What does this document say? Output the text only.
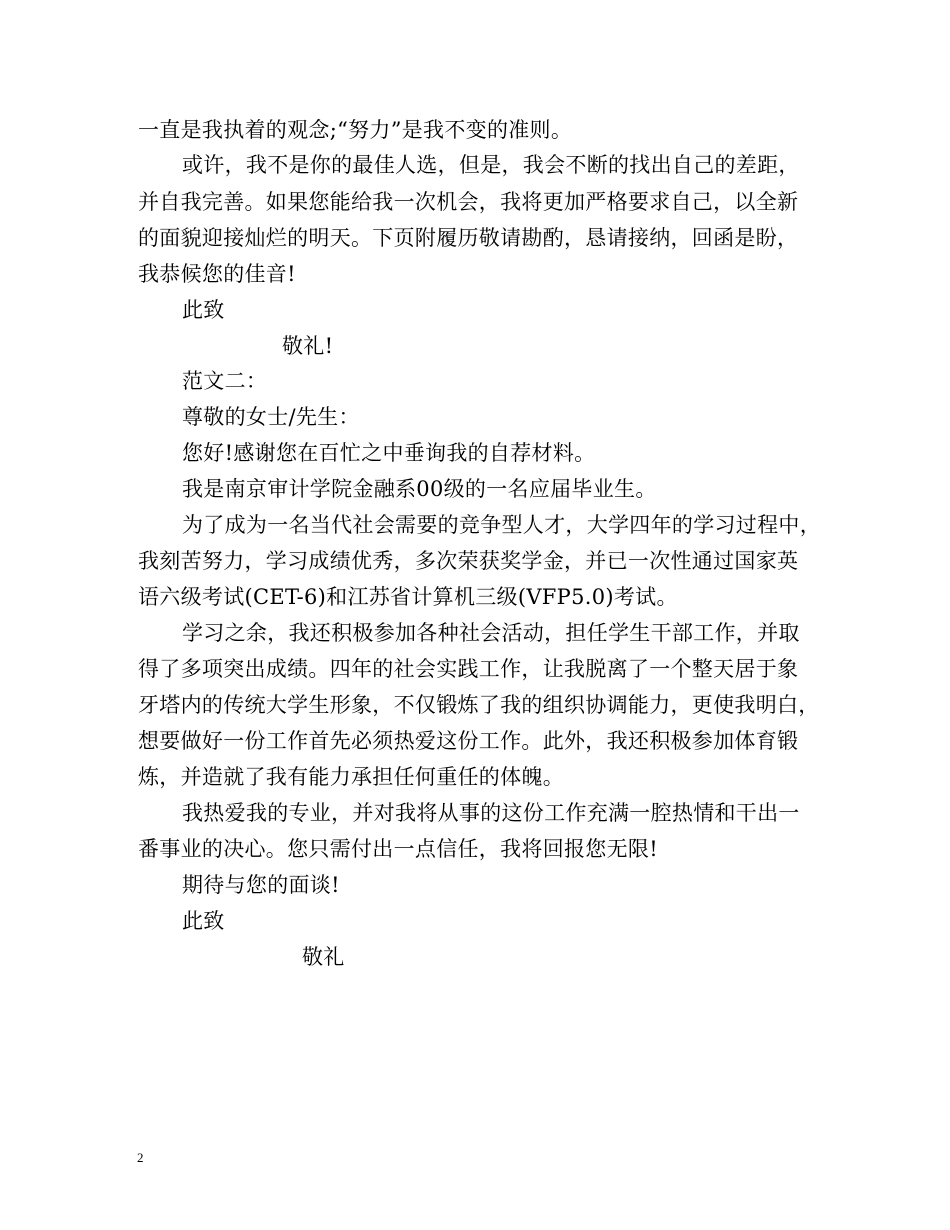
一直是我执着的观念;“努力”是我不变的准则。
或许，我不是你的最佳人选，但是，我会不断的找出自己的差距，
并自我完善。如果您能给我一次机会，我将更加严格要求自己，以全新
的面貌迎接灿烂的明天。下页附履历敬请勘酌，恳请接纳，回函是盼，
我恭候您的佳音!
此致
敬礼!
范文二：
尊敬的女士/先生：
您好!感谢您在百忙之中垂询我的自荐材料。
我是南京审计学院金融系00级的一名应届毕业生。
为了成为一名当代社会需要的竞争型人才，大学四年的学习过程中，
我刻苦努力，学习成绩优秀，多次荣获奖学金，并已一次性通过国家英
语六级考试(CET-6)和江苏省计算机三级(VFP5.0)考试。
学习之余，我还积极参加各种社会活动，担任学生干部工作，并取
得了多项突出成绩。四年的社会实践工作，让我脱离了一个整天居于象
牙塔内的传统大学生形象，不仅锻炼了我的组织协调能力，更使我明白，
想要做好一份工作首先必须热爱这份工作。此外，我还积极参加体育锻
炼，并造就了我有能力承担任何重任的体魄。
我热爱我的专业，并对我将从事的这份工作充满一腔热情和干出一
番事业的决心。您只需付出一点信任，我将回报您无限!
期待与您的面谈!
此致
敬礼
2
